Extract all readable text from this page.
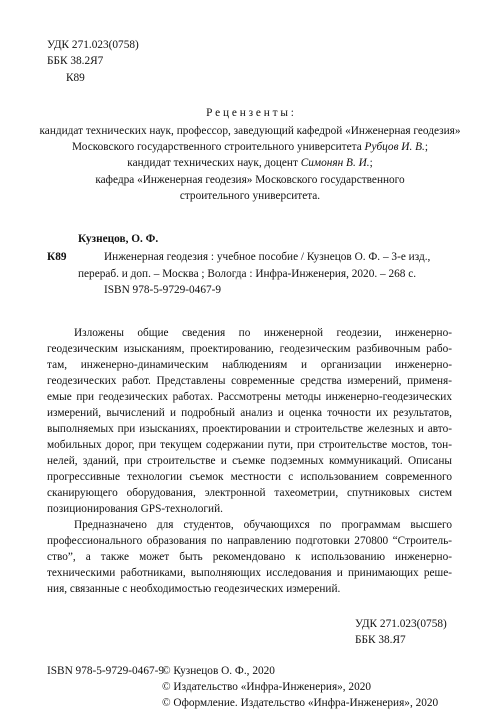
УДК 271.023(0758)
ББК 38.2Я7
К89
Р е ц е н з е н т ы :
кандидат технических наук, профессор, заведующий кафедрой «Инженерная геодезия»
Московского государственного строительного университета Рубцов И. В.;
кандидат технических наук, доцент Симонян В. И.;
кафедра «Инженерная геодезия» Московского государственного
строительного университета.
Кузнецов, О. Ф.
К89	Инженерная геодезия : учебное пособие / Кузнецов О. Ф. – 3-е изд.,
перераб. и доп. – Москва ; Вологда : Инфра-Инженерия, 2020. – 268 с.
ISBN 978-5-9729-0467-9
Изложены общие сведения по инженерной геодезии, инженерно-
геодезическим изысканиям, проектированию, геодезическим разбивочным рабо-
там, инженерно-динамическим наблюдениям и организации инженерно-
геодезических работ. Представлены современные средства измерений, применя-
емые при геодезических работах. Рассмотрены методы инженерно-геодезических
измерений, вычислений и подробный анализ и оценка точности их результатов,
выполняемых при изысканиях, проектировании и строительстве железных и авто-
мобильных дорог, при текущем содержании пути, при строительстве мостов, тон-
нелей, зданий, при строительстве и съемке подземных коммуникаций. Описаны
прогрессивные технологии съемок местности с использованием современного
сканирующего оборудования, электронной тахеометрии, спутниковых систем
позиционирования GPS-технологий.
Предназначено для студентов, обучающихся по программам высшего
профессионального образования по направлению подготовки 270800 “Строитель-
ство”, а также может быть рекомендовано к использованию инженерно-
техническими работниками, выполняющих исследования и принимающих реше-
ния, связанные с необходимостью геодезических измерений.
УДК 271.023(0758)
ББК 38.Я7
ISBN 978-5-9729-0467-9
© Кузнецов О. Ф., 2020
© Издательство «Инфра-Инженерия», 2020
© Оформление. Издательство «Инфра-Инженерия», 2020
